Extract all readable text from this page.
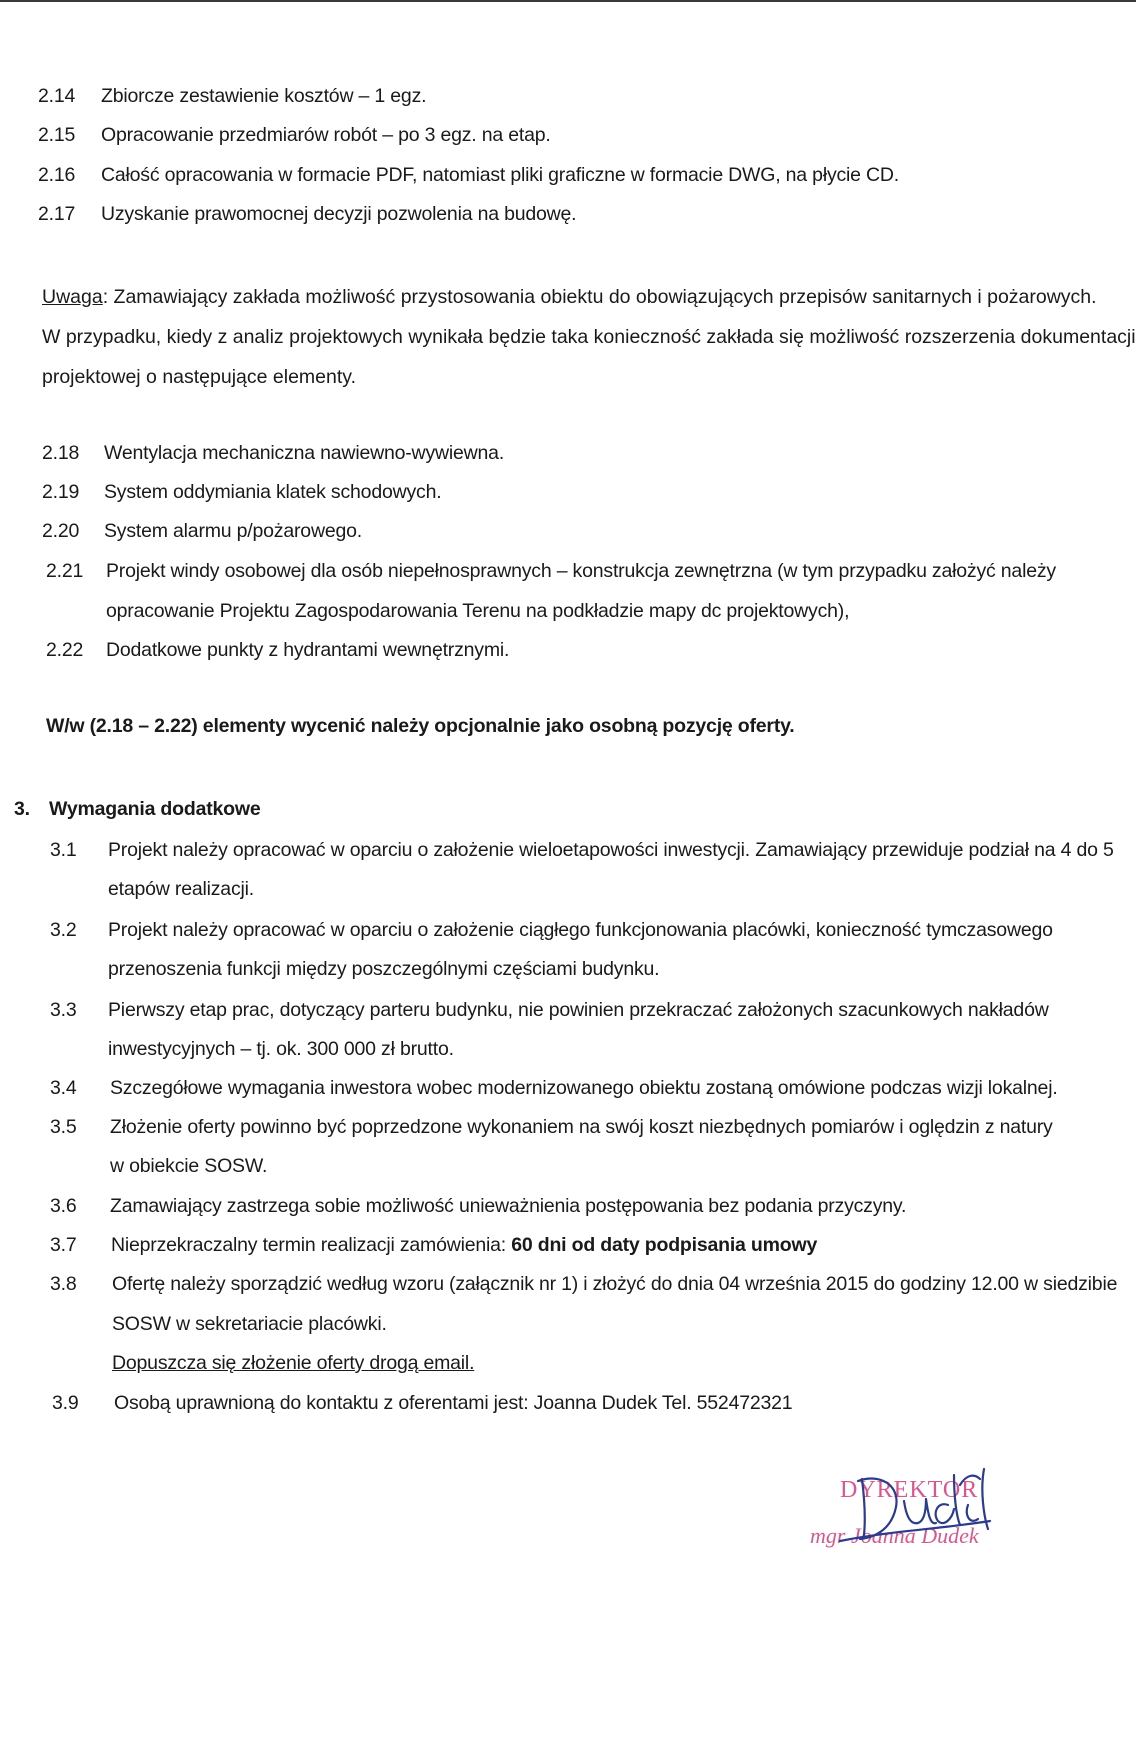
2.14 Zbiorcze zestawienie kosztów – 1 egz.
2.15 Opracowanie przedmiarów robót – po 3 egz. na etap.
2.16 Całość opracowania w formacie PDF, natomiast pliki graficzne w formacie DWG, na płycie CD.
2.17 Uzyskanie prawomocnej decyzji pozwolenia na budowę.
Uwaga: Zamawiający zakłada możliwość przystosowania obiektu do obowiązujących przepisów sanitarnych i pożarowych.
W przypadku, kiedy z analiz projektowych wynikała będzie taka konieczność zakłada się możliwość rozszerzenia dokumentacji
projektowej o następujące elementy.
2.18 Wentylacja mechaniczna nawiewno-wywiewna.
2.19 System oddymiania klatek schodowych.
2.20 System alarmu p/pożarowego.
2.21 Projekt windy osobowej dla osób niepełnosprawnych – konstrukcja zewnętrzna (w tym przypadku założyć należy
opracowanie Projektu Zagospodarowania Terenu na podkładzie mapy dc projektowych),
2.22 Dodatkowe punkty z hydrantami wewnętrznymi.
W/w (2.18 – 2.22) elementy wycenić należy opcjonalnie jako osobną pozycję oferty.
3. Wymagania dodatkowe
3.1 Projekt należy opracować w oparciu o założenie wieloetapowości inwestycji. Zamawiający przewiduje podział na 4 do 5
etapów realizacji.
3.2 Projekt należy opracować w oparciu o założenie ciągłego funkcjonowania placówki, konieczność tymczasowego
przenoszenia funkcji między poszczególnymi częściami budynku.
3.3 Pierwszy etap prac, dotyczący parteru budynku, nie powinien przekraczać założonych szacunkowych nakładów
inwestycyjnych – tj. ok. 300 000 zł brutto.
3.4 Szczegółowe wymagania inwestora wobec modernizowanego obiektu zostaną omówione podczas wizji lokalnej.
3.5 Złożenie oferty powinno być poprzedzone wykonaniem na swój koszt niezbędnych pomiarów i oględzin z natury
w obiekcie SOSW.
3.6 Zamawiający zastrzega sobie możliwość unieważnienia postępowania bez podania przyczyny.
3.7 Nieprzekraczalny termin realizacji zamówienia: 60 dni od daty podpisania umowy
3.8 Ofertę należy sporządzić według wzoru (załącznik nr 1) i złożyć do dnia 04 września 2015 do godziny 12.00 w siedzibie
SOSW w sekretariacie placówki.
Dopuszcza się złożenie oferty drogą email.
3.9 Osobą uprawnioną do kontaktu z oferentami jest: Joanna Dudek Tel. 552472321
DYREKTOR
mgr Joanna Dudek
